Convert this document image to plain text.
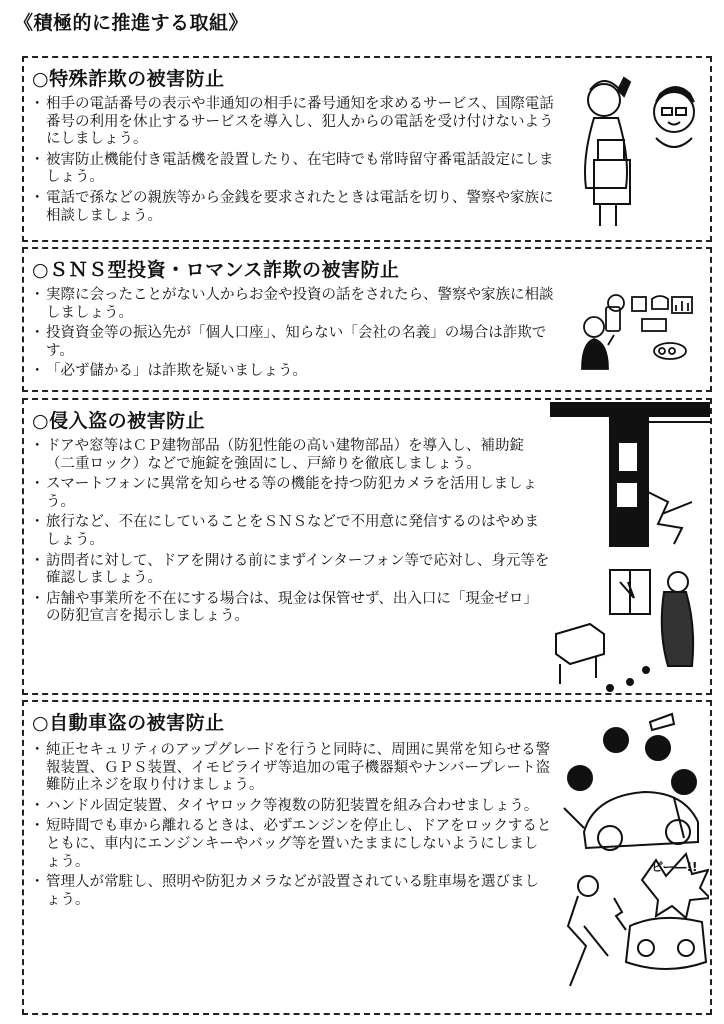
《積極的に推進する取組》
○特殊詐欺の被害防止
・ 相手の電話番号の表示や非通知の相手に番号通知を求めるサービス、国際電話番号の利用を休止するサービスを導入し、犯人からの電話を受け付けないようにしましょう。
・ 被害防止機能付き電話機を設置したり、在宅時でも常時留守番電話設定にしましょう。
・ 電話で孫などの親族等から金銭を要求されたときは電話を切り、警察や家族に相談しましょう。
○ＳＮＳ型投資・ロマンス詐欺の被害防止
・ 実際に会ったことがない人からお金や投資の話をされたら、警察や家族に相談しましょう。
・ 投資資金等の振込先が「個人口座」、知らない「会社の名義」の場合は詐欺です。
・ 「必ず儲かる」は詐欺を疑いましょう。
○侵入盗の被害防止
・ ドアや窓等はＣＰ建物部品（防犯性能の高い建物部品）を導入し、補助錠（二重ロック）などで施錠を強固にし、戸締りを徹底しましょう。
・ スマートフォンに異常を知らせる等の機能を持つ防犯カメラを活用しましょう。
・ 旅行など、不在にしていることをＳＮＳなどで不用意に発信するのはやめましょう。
・ 訪問者に対して、ドアを開ける前にまずインターフォン等で応対し、身元等を確認しましょう。
・ 店舗や事業所を不在にする場合は、現金は保管せず、出入口に「現金ゼロ」の防犯宣言を掲示しましょう。
○自動車盗の被害防止
・ 純正セキュリティのアップグレードを行うと同時に、周囲に異常を知らせる警報装置、ＧＰＳ装置、イモビライザ等追加の電子機器類やナンバープレート盗難防止ネジを取り付けましょう。
・ ハンドル固定装置、タイヤロック等複数の防犯装置を組み合わせましょう。
・ 短時間でも車から離れるときは、必ずエンジンを停止し、ドアをロックするとともに、車内にエンジンキーやバッグ等を置いたままにしないようにしましょう。
・ 管理人が常駐し、照明や防犯カメラなどが設置されている駐車場を選びましょう。
ピー―!!
